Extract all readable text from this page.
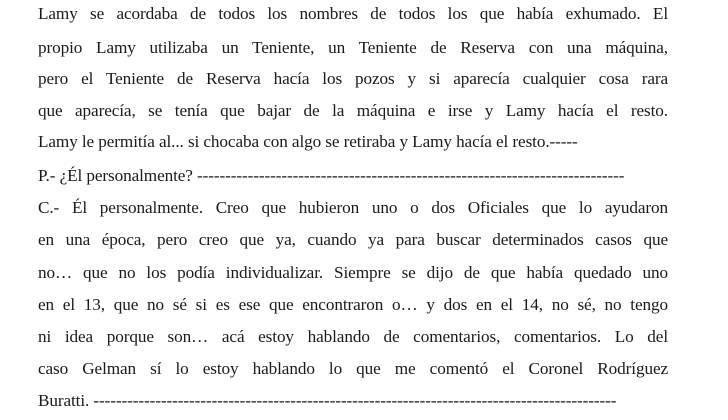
Lamy se acordaba de todos los nombres de todos los que había exhumado. El

propio Lamy utilizaba un Teniente, un Teniente de Reserva con una máquina,

pero el Teniente de Reserva hacía los pozos y si aparecía cualquier cosa rara

que aparecía, se tenía que bajar de la máquina e irse y Lamy hacía el resto.

Lamy le permitía al... si chocaba con algo se retiraba y Lamy hacía el resto.-----

P.- ¿Él personalmente? ----------------------------------------------------------------------------

C.- Él personalmente. Creo que hubieron uno o dos Oficiales que lo ayudaron

en una época, pero creo que ya, cuando ya para buscar determinados casos que

no… que no los podía individualizar. Siempre se dijo de que había quedado uno

en el 13, que no sé si es ese que encontraron o… y dos en el 14, no sé, no tengo

ni idea porque son… acá estoy hablando de comentarios, comentarios. Lo del

caso Gelman sí lo estoy hablando lo que me comentó el Coronel Rodríguez

Buratti. ---------------------------------------------------------------------------------------------
